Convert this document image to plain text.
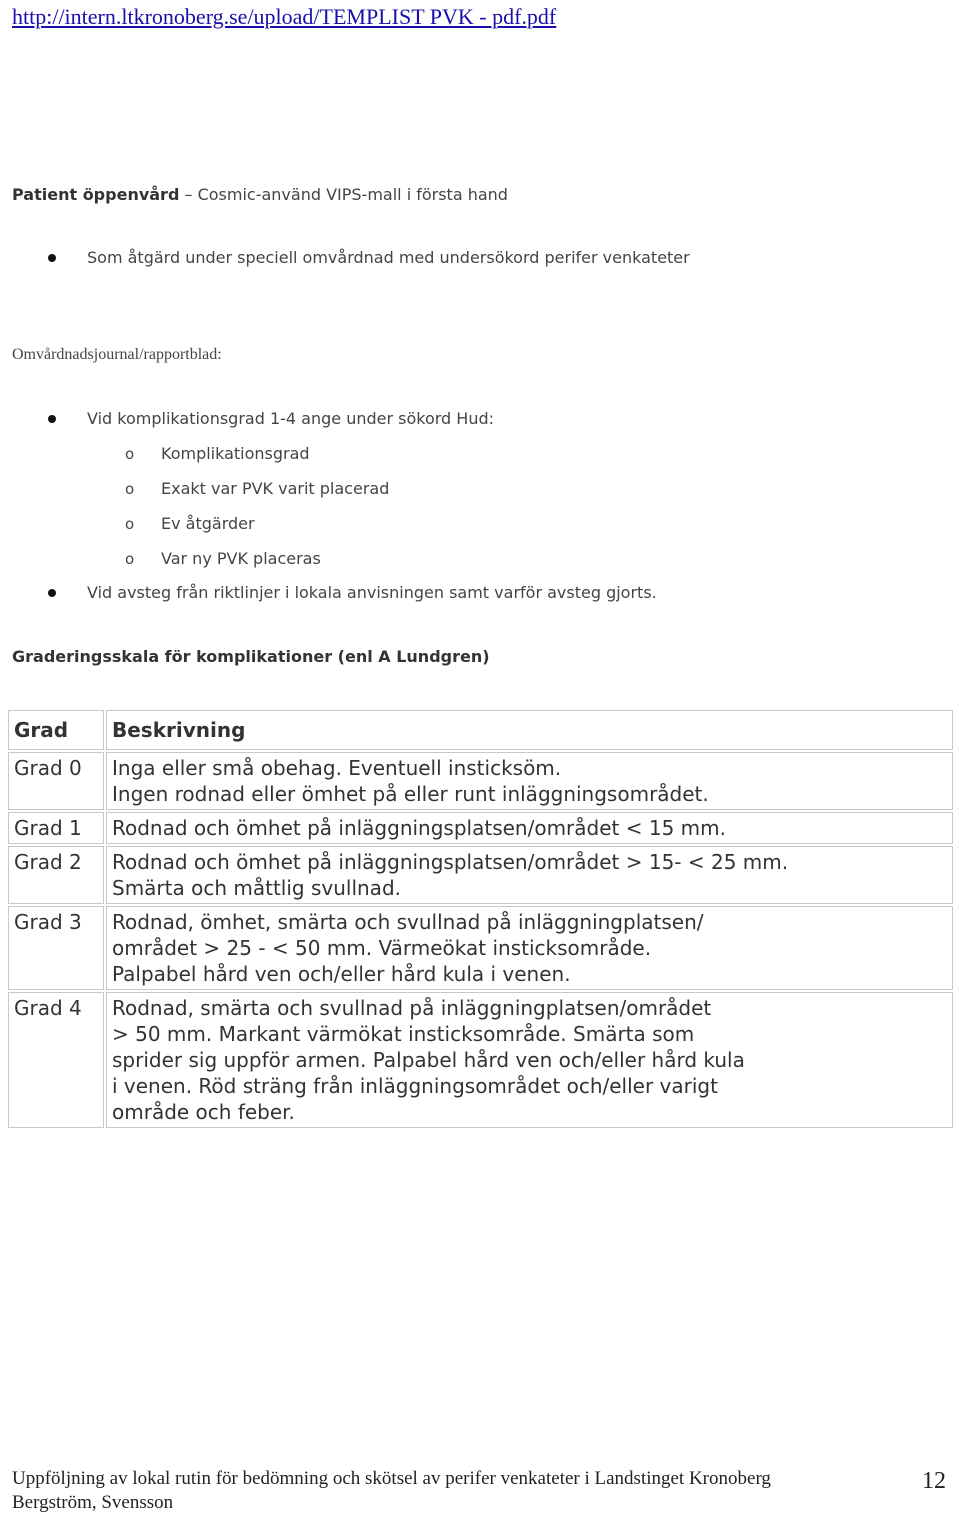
http://intern.ltkronoberg.se/upload/TEMPLIST PVK - pdf.pdf
Patient öppenvård – Cosmic-använd VIPS-mall i första hand
Som åtgärd under speciell omvårdnad med undersökord perifer venkateter
Omvårdnadsjournal/rapportblad:
Vid komplikationsgrad 1-4 ange under sökord Hud:
o Komplikationsgrad
o Exakt var PVK varit placerad
o Ev åtgärder
o Var ny PVK placeras
Vid avsteg från riktlinjer i lokala anvisningen samt varför avsteg gjorts.
Graderingsskala för komplikationer (enl A Lundgren)
Grad	Beskrivning
Grad 0	Inga eller små obehag. Eventuell insticksöm.
Ingen rodnad eller ömhet på eller runt inläggningsområdet.

Grad 1	Rodnad och ömhet på inläggningsplatsen/området < 15 mm.

Grad 2	Rodnad och ömhet på inläggningsplatsen/området > 15- < 25 mm.
Smärta och måttlig svullnad.

Grad 3	Rodnad, ömhet, smärta och svullnad på inläggningplatsen/
området > 25 - < 50 mm. Värmeökat insticksområde.
Palpabel hård ven och/eller hård kula i venen.

Grad 4	Rodnad, smärta och svullnad på inläggningplatsen/området
> 50 mm. Markant värmökat insticksområde. Smärta som
sprider sig uppför armen. Palpabel hård ven och/eller hård kula
i venen. Röd sträng från inläggningsområdet och/eller varigt
område och feber.
Uppföljning av lokal rutin för bedömning och skötsel av perifer venkateter i Landstinget Kronoberg
Bergström, Svensson
12
